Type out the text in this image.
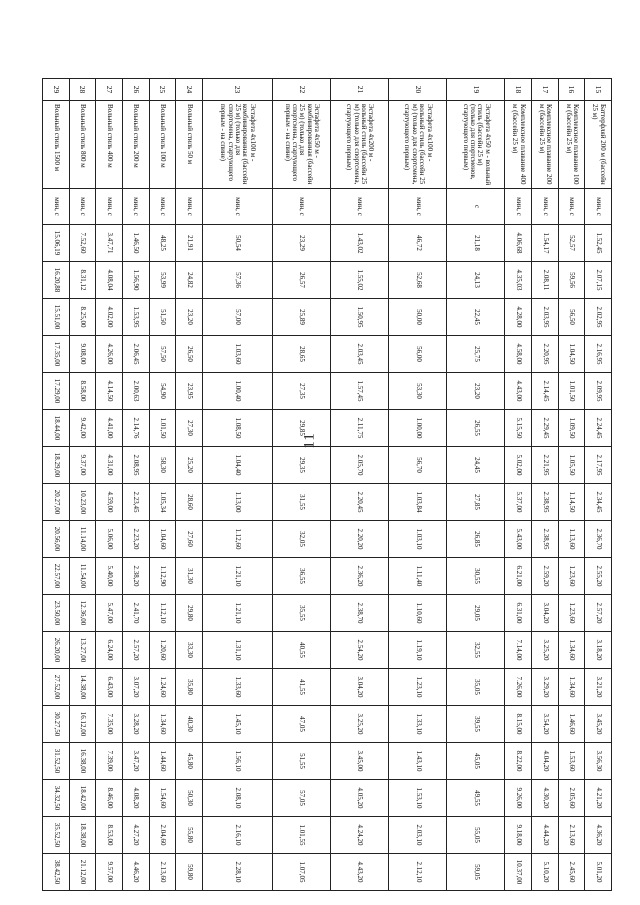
11
15	Баттерфляй 200 м (бассейн 25 м)	мин, с	1.52,45	2.07,15	2.02,95	2.16,95	2.09,95	2.24,45	2.17,95	2.34,45	2.36,70	2.55,20	2.57,20	3.18,20	3.21,20	3.45,20	3.56,30	4.21,20	4.36,20	5.01,20
16	Комплексное плавание 100 м (бассейн 25 м)	мин, с	52,57	59,56	56,50	1.04,50	1.01,50	1.09,50	1.05,50	1.14,50	1.13,60	1.23,60	1.23,60	1.34,60	1.34,60	1.46,60	1.53,60	2.05,60	2.13,60	2.45,60
17	Комплексное плавание 200 м (бассейн 25 м)	мин, с	1.54,17	2.08,11	2.03,95	2.20,95	2.14,45	2.29,45	2.21,95	2.38,95	2.38,95	2.59,20	3.04,20	3.25,20	3.29,20	3.54,20	4.04,20	4.30,20	4.44,20	5.10,20
18	Комплексное плавание 400 м (бассейн 25 м)	мин, с	4.06,68	4.35,03	4.28,00	4.58,00	4.43,00	5.15,50	5.02,00	5.37,00	5.43,00	6.21,00	6.31,00	7.14,00	7.26,00	8.15,00	8.22,00	9.26,00	9.18,00	10.37,00
19	Эстафета 4х50 м - вольный стиль (бассейн 25 м) (только для спортсменов, стартующего первым)	с	21,18	24,13	22,45	25,75	23,20	26,55	24,45	27,85	26,85	30,55	29,05	32,55	35,05	39,55	45,05	49,55	55,05	59,05
20	Эстафета 4х100 м - вольный стиль (бассейн 25 м) (только для спортсмена, стартующего первым)	мин, с	46,72	52,68	50,00	56,00	53,30	1.00,00	56,70	1.03,84	1.03,10	1.11,40	1.10,60	1.19,10	1.23,10	1.33,10	1.43,10	1.53,10	2.03,10	2.12,10
21	Эстафета 4х200 м - вольный стиль (бассейн 25 м) (только для спортсмена, стартующего первым)	мин, с	1.43,02	1.55,02	1.50,95	2.03,45	1.57,45	2.11,75	2.05,70	2.20,45	2.20,20	2.36,20	2.38,70	2.54,20	3.04,20	3.25,20	3.45,00	4.05,20	4.24,20	4.43,20
22	Эстафета 4х50 м - комбинированная (бассейн 25 м) (только для спортсмена, стартующего первым - на спине)	мин, с	23,29	26,57	25,89	28,65	27,35	29,85	29,35	31,55	32,05	36,55	35,55	40,55	41,55	47,05	51,55	57,05	1.01,55	1.07,05
23	Эстафета 4х100 м - комбинированная (бассейн 25 м) (только для спортсмена, стартующего первым - на спине)	мин, с	50,54	57,36	57,00	1.03,60	1.00,40	1.08,50	1.04,40	1.13,00	1.12,60	1.21,10	1.21,10	1.31,10	1.33,60	1.45,10	1.56,10	2.08,10	2.16,10	2.28,10
24	Вольный стиль 50 м	мин, с	21,91	24,82	23,20	26,50	23,95	27,30	25,20	28,60	27,60	31,30	29,80	33,30	35,80	40,30	45,80	50,30	55,80	59,80
25	Вольный стиль 100 м	мин, с	48,25	53,99	51,50	57,50	54,90	1.01,50	58,30	1.05,34	1.04,60	1.12,90	1.12,10	1.20,60	1.24,60	1.34,60	1.44,60	1.54,60	2.04,60	2.13,60
26	Вольный стиль 200 м	мин, с	1.46,50	1.56,90	1.53,95	2.06,45	2.00,63	2.14,76	2.08,95	2.23,45	2.23,20	2.38,20	2.41,70	2.57,20	3.07,20	3.28,20	3.47,20	4.08,20	4.27,20	4.46,20
27	Вольный стиль 400 м	мин, с	3.47,71	4.08,04	4.02,00	4.26,00	4.14,50	4.41,00	4.31,00	4.59,00	5.06,00	5.40,00	5.47,00	6.24,00	6.43,00	7.35,00	7.39,00	8.46,00	8.53,00	9.57,00
28	Вольный стиль 800 м	мин, с	7.52,60	8.31,12	8.25,00	9.08,00	8.58,00	9.42,00	9.37,00	10.23,00	11.14,00	11.54,00	12.36,00	13.27,00	14.38,00	16.12,00	16.38,00	18.42,00	18.38,00	21.12,00
29	Вольный стиль 1500 м	мин, с	15.06,19	16.20,88	15.51,00	17.35,00	17.29,00	18.44,00	18.29,00	20.27,00	20.56,00	22.57,00	23.50,00	26.20,00	27.52,00	30.27,50	31.52,50	34.32,50	35.52,50	38.42,50
